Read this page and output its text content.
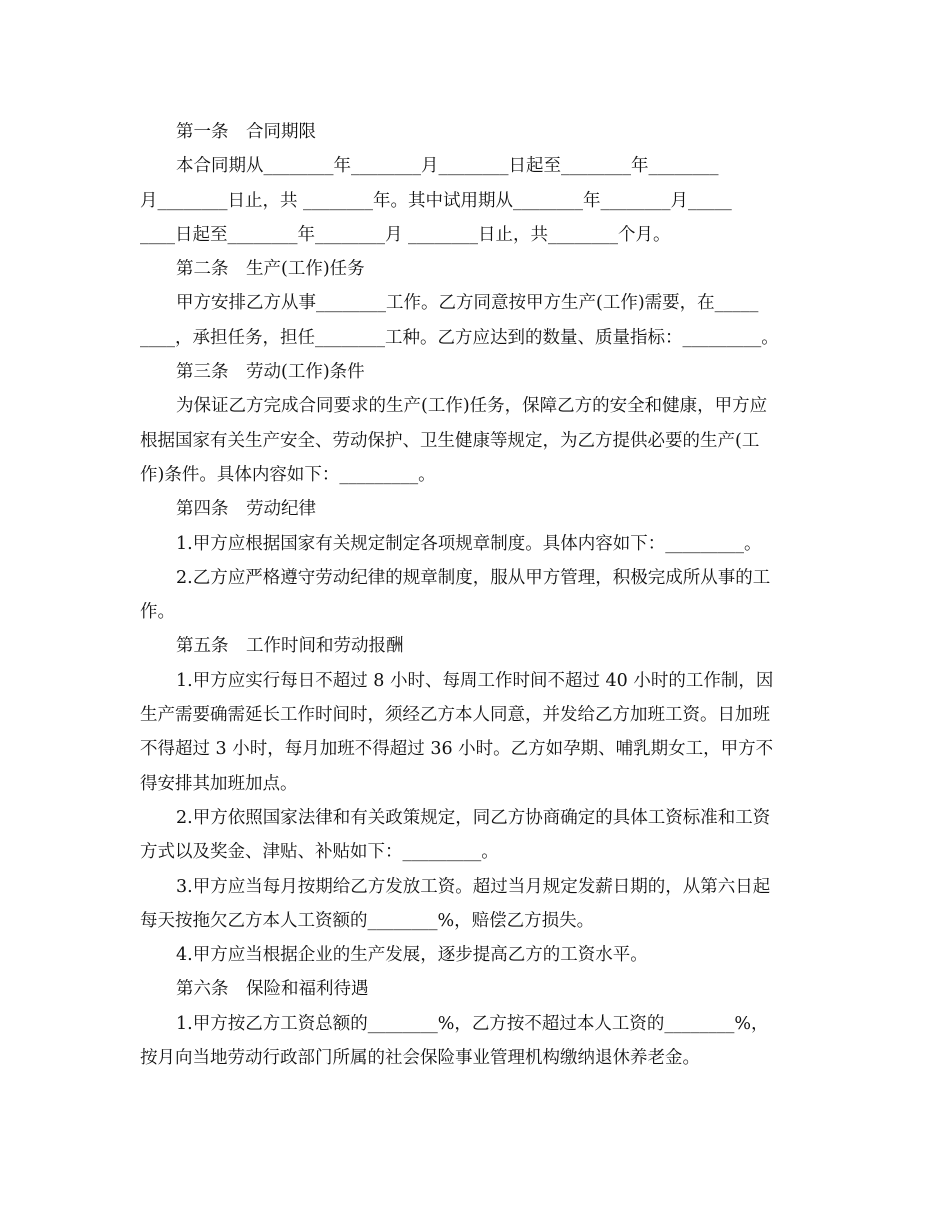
第一条　合同期限
本合同期从________年________月________日起至________年________
月________日止，共 ________年。其中试用期从________年________月_____
____日起至________年________月 ________日止，共________个月。
第二条　生产(工作)任务
甲方安排乙方从事________工作。乙方同意按甲方生产(工作)需要，在_____
____，承担任务，担任________工种。乙方应达到的数量、质量指标：_________。
第三条　劳动(工作)条件
为保证乙方完成合同要求的生产(工作)任务，保障乙方的安全和健康，甲方应
根据国家有关生产安全、劳动保护、卫生健康等规定，为乙方提供必要的生产(工
作)条件。具体内容如下：_________。
第四条　劳动纪律
1.甲方应根据国家有关规定制定各项规章制度。具体内容如下：_________。
2.乙方应严格遵守劳动纪律的规章制度，服从甲方管理，积极完成所从事的工
作。
第五条　工作时间和劳动报酬
1.甲方应实行每日不超过 8 小时、每周工作时间不超过 40 小时的工作制，因
生产需要确需延长工作时间时，须经乙方本人同意，并发给乙方加班工资。日加班
不得超过 3 小时，每月加班不得超过 36 小时。乙方如孕期、哺乳期女工，甲方不
得安排其加班加点。
2.甲方依照国家法律和有关政策规定，同乙方协商确定的具体工资标准和工资
方式以及奖金、津贴、补贴如下：_________。
3.甲方应当每月按期给乙方发放工资。超过当月规定发薪日期的，从第六日起
每天按拖欠乙方本人工资额的________%，赔偿乙方损失。
4.甲方应当根据企业的生产发展，逐步提高乙方的工资水平。
第六条　保险和福利待遇
1.甲方按乙方工资总额的________%，乙方按不超过本人工资的________%，
按月向当地劳动行政部门所属的社会保险事业管理机构缴纳退休养老金。
